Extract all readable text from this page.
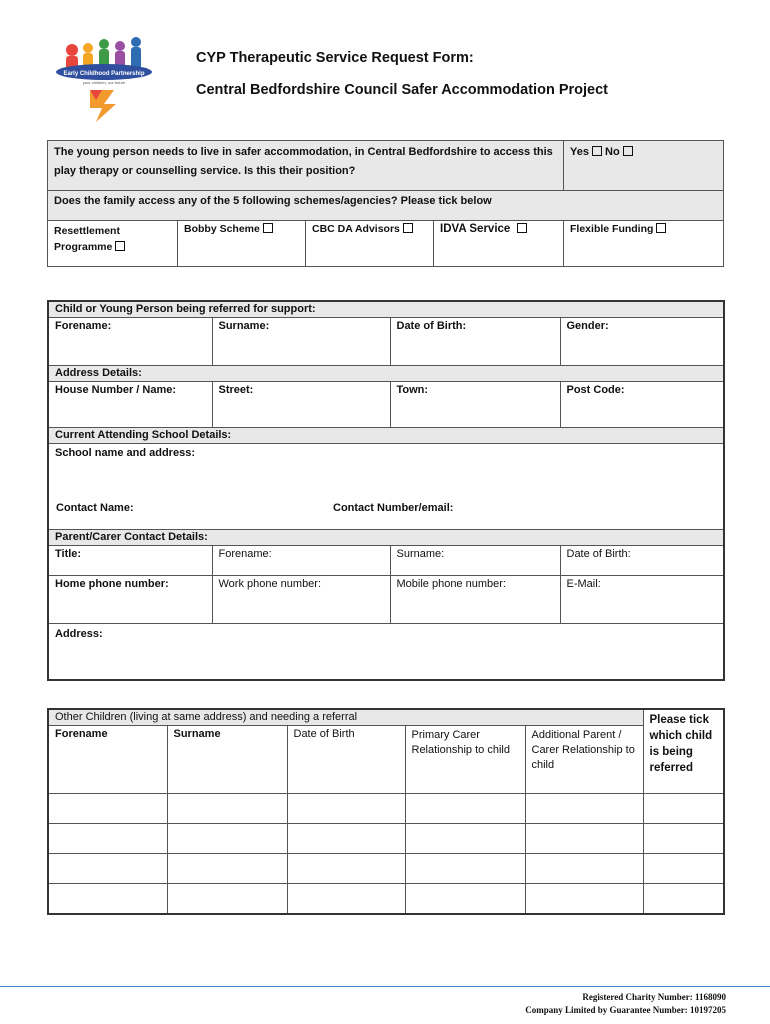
Early Childhood Partnership
your children, our future
CYP Therapeutic Service Request Form:
Central Bedfordshire Council Safer Accommodation Project
The young person needs to live in safer accommodation, in Central Bedfordshire to access this play therapy or counselling service. Is this their position?				Yes No
Does the family access any of the 5 following schemes/agencies? Please tick below				
Resettlement Programme	Bobby Scheme	CBC DA Advisors	IDVA Service	Flexible Funding
Child or Young Person being referred for support:			
Forename:	Surname:	Date of Birth:	Gender:
Address Details:			
House Number / Name:	Street:	Town:	Post Code:
Current Attending School Details:			

School name and address:
Contact Name: Contact Number/email:			

Parent/Carer Contact Details:			
Title:	Forename:	Surname:	Date of Birth:
Home phone number:	Work phone number:	Mobile phone number:	E-Mail:
Address:			
Other Children (living at same address) and needing a referral					Please tick which child is being referred
Forename	Surname	Date of Birth	Primary Carer Relationship to child	Additional Parent / Carer Relationship to child	

Registered Charity Number: 1168090
Company Limited by Guarantee Number: 10197205
